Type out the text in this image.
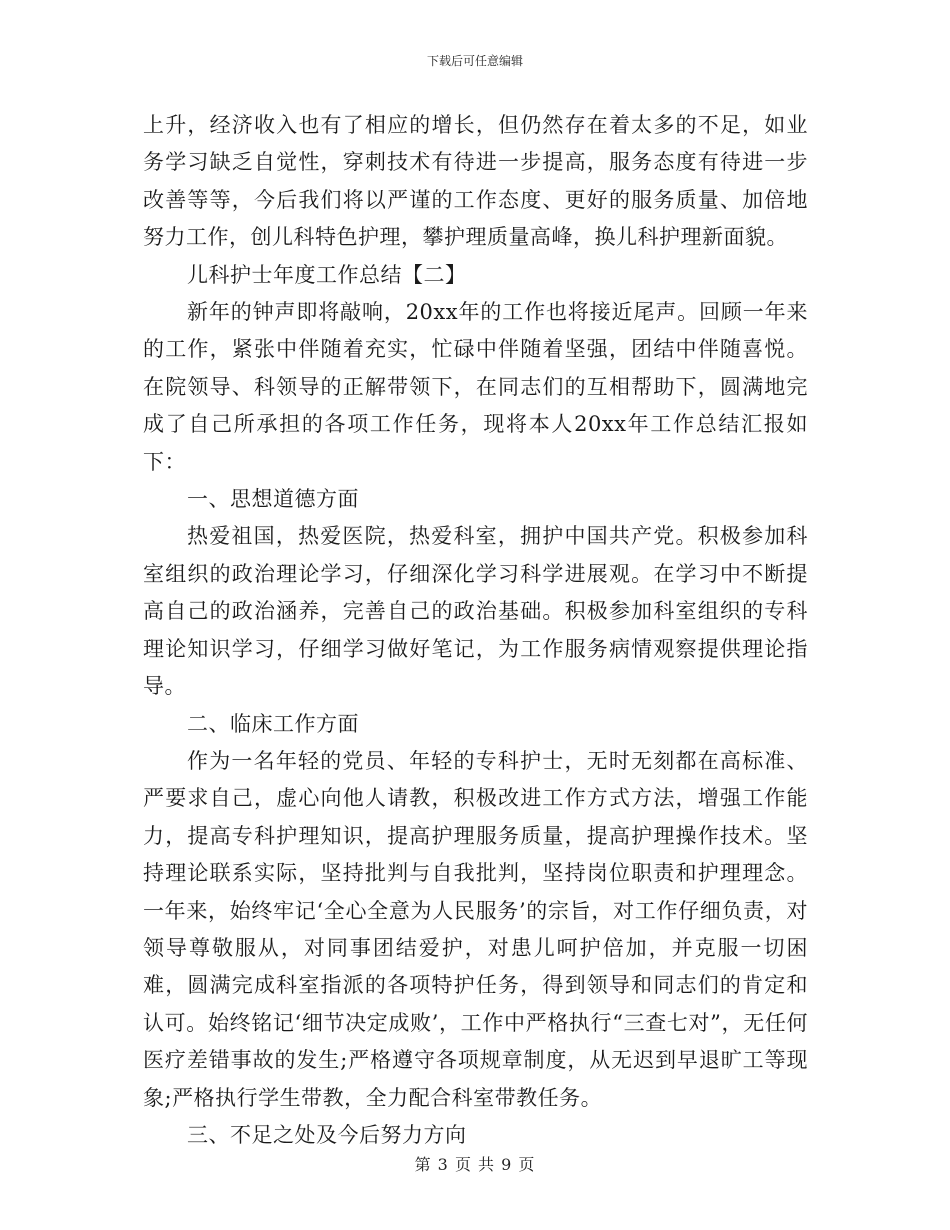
下载后可任意编辑

上升，经济收入也有了相应的增长，但仍然存在着太多的不足，如业务学习缺乏自觉性，穿刺技术有待进一步提高，服务态度有待进一步改善等等，今后我们将以严谨的工作态度、更好的服务质量、加倍地努力工作，创儿科特色护理，攀护理质量高峰，换儿科护理新面貌。

儿科护士年度工作总结【二】

新年的钟声即将敲响，20xx年的工作也将接近尾声。回顾一年来的工作，紧张中伴随着充实，忙碌中伴随着坚强，团结中伴随喜悦。在院领导、科领导的正解带领下，在同志们的互相帮助下，圆满地完成了自己所承担的各项工作任务，现将本人20xx年工作总结汇报如下：

一、思想道德方面

热爱祖国，热爱医院，热爱科室，拥护中国共产党。积极参加科室组织的政治理论学习，仔细深化学习科学进展观。在学习中不断提高自己的政治涵养，完善自己的政治基础。积极参加科室组织的专科理论知识学习，仔细学习做好笔记，为工作服务病情观察提供理论指导。

二、临床工作方面

作为一名年轻的党员、年轻的专科护士，无时无刻都在高标准、严要求自己，虚心向他人请教，积极改进工作方式方法，增强工作能力，提高专科护理知识，提高护理服务质量，提高护理操作技术。坚持理论联系实际，坚持批判与自我批判，坚持岗位职责和护理理念。一年来，始终牢记‘全心全意为人民服务’的宗旨，对工作仔细负责，对领导尊敬服从，对同事团结爱护，对患儿呵护倍加，并克服一切困难，圆满完成科室指派的各项特护任务，得到领导和同志们的肯定和认可。始终铭记‘细节决定成败’，工作中严格执行“三查七对”，无任何医疗差错事故的发生;严格遵守各项规章制度，从无迟到早退旷工等现象;严格执行学生带教，全力配合科室带教任务。

三、不足之处及今后努力方向

第 3 页 共 9 页
